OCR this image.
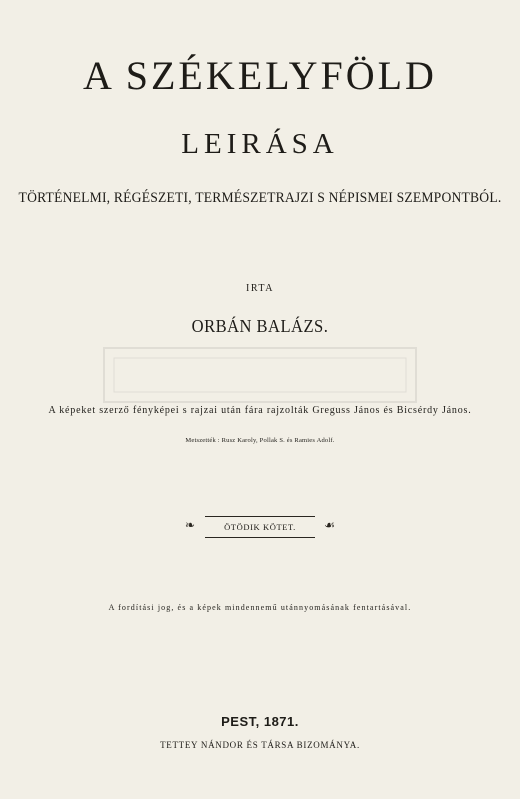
A SZÉKELYFÖLD
LEIRÁSA
TÖRTÉNELMI, RÉGÉSZETI, TERMÉSZETRAJZI S NÉPISMEI SZEMPONTBÓL.
IRTA
ORBÁN BALÁZS.
A képeket szerző fényképei s rajzai után fára rajzolták Greguss János és Bicsérdy János.
Metszették : Rusz Karoly, Pollak S. és Ramies Adolf.
❧	ÖTÖDIK KÖTET.	☙
A fordítási jog, és a képek mindennemű utánnyomásának fentartásával.
PEST, 1871.
TETTEY NÁNDOR ÉS TÁRSA BIZOMÁNYA.
